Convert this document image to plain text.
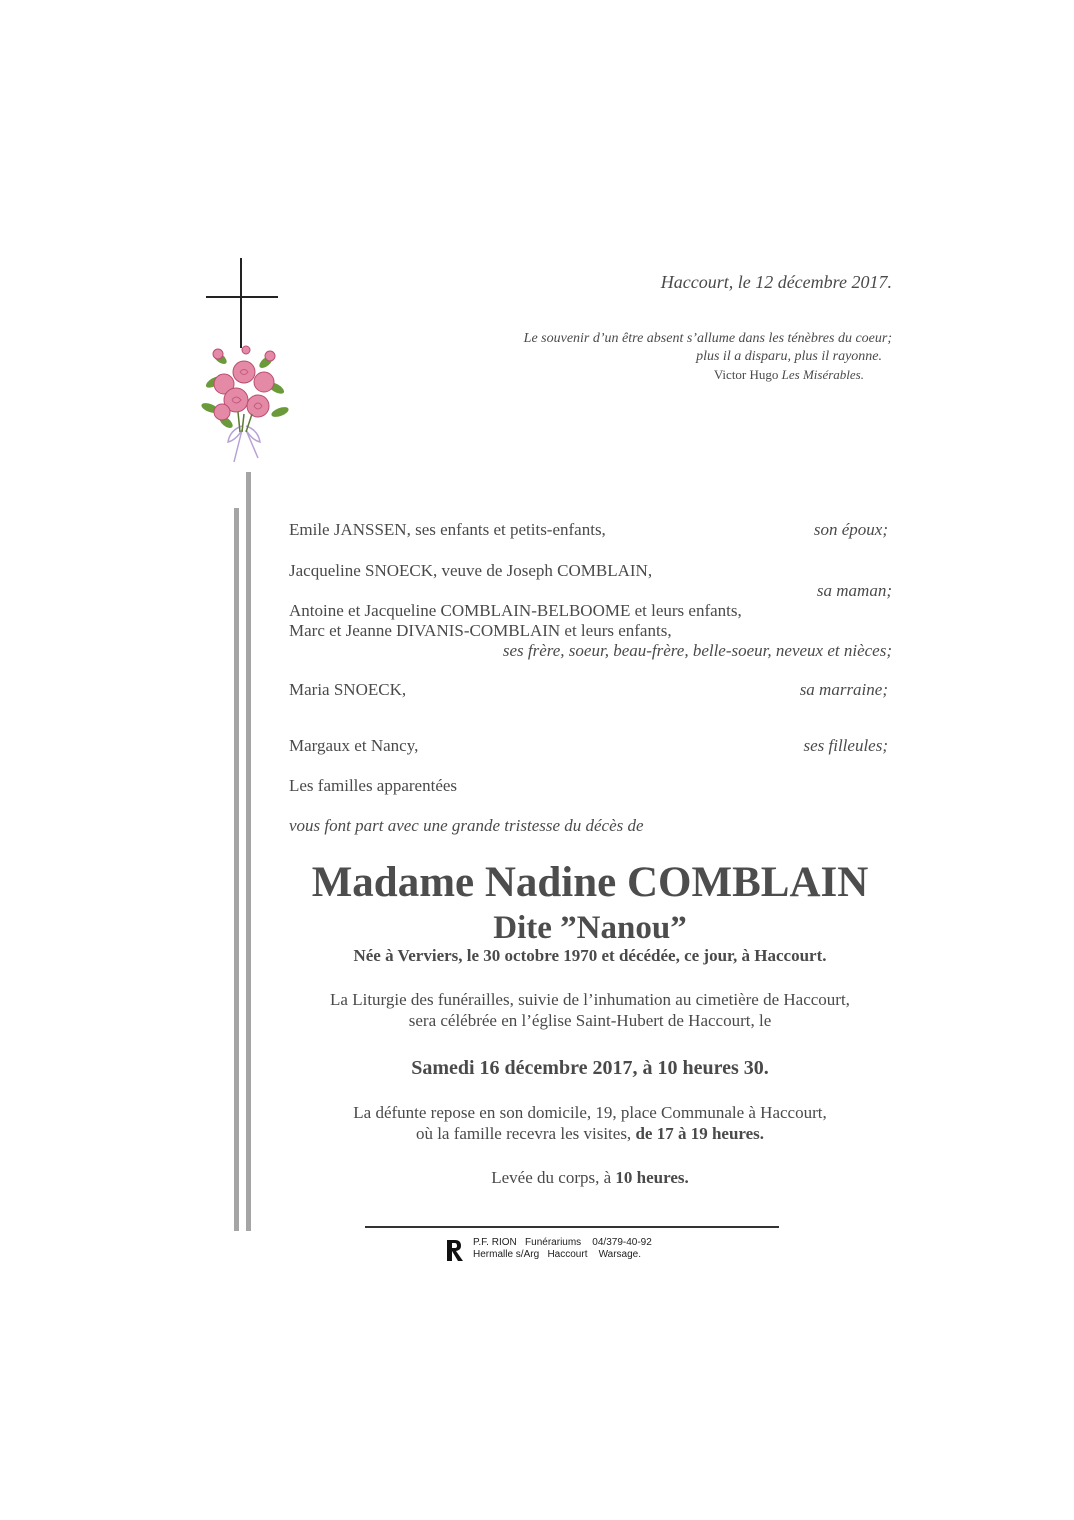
Haccourt, le 12 décembre 2017.
Le souvenir d’un être absent s’allume dans les ténèbres du coeur;
plus il a disparu, plus il rayonne.
Victor Hugo Les Misérables.
Emile JANSSEN, ses enfants et petits-enfants,	son époux;
Jacqueline SNOECK, veuve de Joseph COMBLAIN,
sa maman;
Antoine et Jacqueline COMBLAIN-BELBOOME et leurs enfants,
Marc et Jeanne DIVANIS-COMBLAIN et leurs enfants,
ses frère, soeur, beau-frère, belle-soeur, neveux et nièces;
Maria SNOECK,	sa marraine;
Margaux et Nancy,	ses filleules;
Les familles apparentées
vous font part avec une grande tristesse du décès de
Madame Nadine COMBLAIN
Dite ”Nanou”
Née à Verviers, le 30 octobre 1970 et décédée, ce jour, à Haccourt.
La Liturgie des funérailles, suivie de l’inhumation au cimetière de Haccourt,
sera célébrée en l’église Saint-Hubert de Haccourt, le
Samedi 16 décembre 2017, à 10 heures 30.
La défunte repose en son domicile, 19, place Communale à Haccourt,
où la famille recevra les visites, de 17 à 19 heures.
Levée du corps, à 10 heures.
P.F. RION   Funérariums    04/379-40-92
Hermalle s/Arg   Haccourt    Warsage.
